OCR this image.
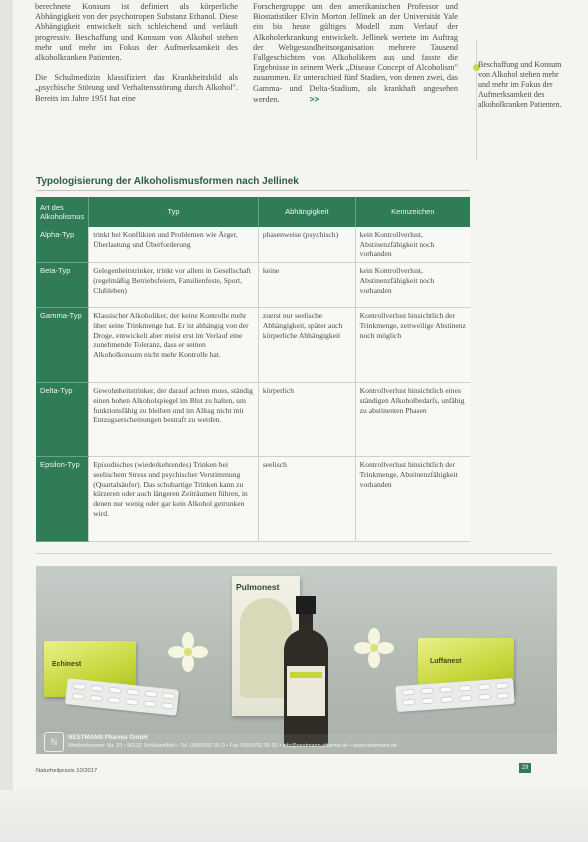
berechnete Konsum ist definiert als körperliche Abhängigkeit von der psychotropen Substanz Ethanol. Diese Abhängigkeit entwickelt sich schleichend und verläuft progressiv. Beschaffung und Konsum von Alkohol stehen mehr und mehr im Fokus der Aufmerksamkeit des alkoholkranken Patienten.

Die Schulmedizin klassifiziert das Krankheitsbild als „psychische Störung und Verhaltensstörung durch Alkohol". Bereits im Jahre 1951 hat eine

Forschergruppe um den amerikanischen Professor und Biostatistiker Elvin Morton Jellinek an der Universität Yale ein bis heute gültiges Modell zum Verlauf der Alkoholerkrankung entwickelt. Jellinek wertete im Auftrag der Weltgesundheitsorganisation mehrere Tausend Fallgeschichten von Alkoholikern aus und fasste die Ergebnisse in seinem Werk „Disease Concept of Alcoholism" zusammen. Er unterschied fünf Stadien, von denen zwei, das Gamma- und Delta-Stadium, als krankhaft angesehen werden.	>>

Beschaffung und Konsum von Alkohol stehen mehr und mehr im Fokus der Aufmerksamkeit des alkoholkranken Patienten.
Typologisierung der Alkoholismusformen nach Jellinek
Art des Alkoholismus	Typ	Abhängigkeit	Kennzeichen
Alpha-Typ	trinkt bei Konflikten und Problemen wie Ärger, Überlastung und Überforderung	phasenweise (psychisch)	kein Kontrollverlust, Abstinenzfähigkeit noch vorhanden
Beta-Typ	Gelegenheitstrinker, trinkt vor allem in Gesellschaft (regelmäßig Betriebsfeiern, Familienfeste, Sport, Clubleben)	keine	kein Kontrollverlust, Abstinenzfähigkeit noch vorhanden
Gamma-Typ	Klassischer Alkoholiker, der keine Kontrolle mehr über seine Trinkmenge hat. Er ist abhängig von der Droge, entwickelt aber meist erst im Verlauf eine zunehmende Toleranz, dass er seinen Alkoholkonsum nicht mehr Kontrolle hat.	zuerst nur seelische Abhängigkeit, später auch körperliche Abhängigkeit	Kontrollverlust hinsichtlich der Trinkmenge, zeitweilige Abstinenz noch möglich
Delta-Typ	Gewohnheitstrinker, der darauf achten muss, ständig einen hohen Alkoholspiegel im Blut zu halten, um funktionsfähig zu bleiben und im Alltag nicht mit Entzugserscheinungen bestraft zu werden.	körperlich	Kontrollverlust hinsichtlich eines ständigen Alkoholbedarfs, unfähig zu abstinenten Phasen
Epsilon-Typ	Episodisches (wiederkehrendes) Trinken bei seelischem Stress und psychischer Verstimmung (Quartalsäufer). Das schubartige Trinken kann zu kürzeren oder auch längeren Zeiträumen führen, in denen nur wenig oder gar kein Alkohol getrunken wird.	seelisch	Kontrollverlust hinsichtlich der Trinkmenge, Abstinenzfähigkeit vorhanden
Echinest
Pulmonest
Luffanest
N	NESTMANN Pharma GmbH
Weißenbrunner Str. 33 • 96132 Schlüsselfeld • Tel. 09555/92 95-0 • Fax 09555/92 95-50 • info@nestmann-pharma.de • www.nestmann.de
Naturheilpraxis 10/2017	29
